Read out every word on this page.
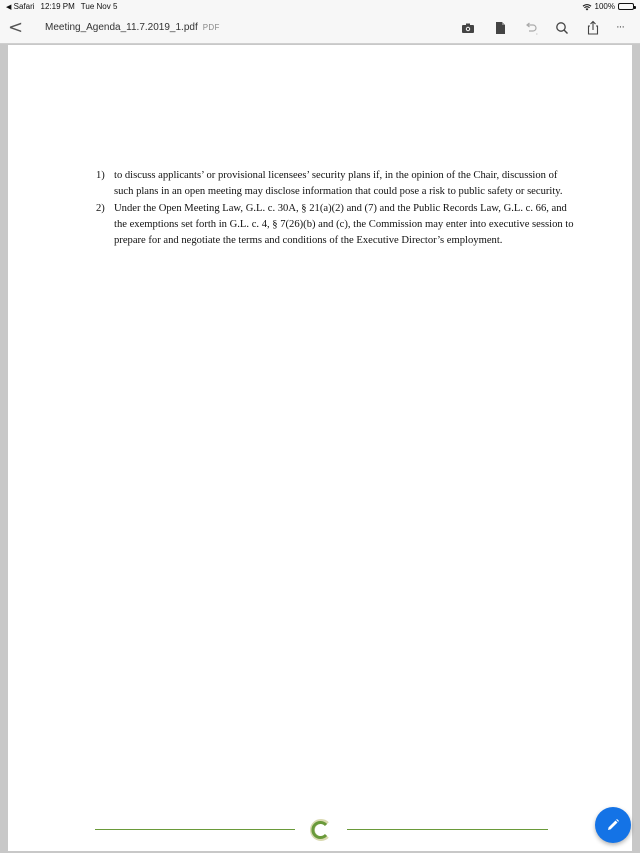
◀ Safari 12:19 PM Tue Nov 5	100%
< Meeting_Agenda_11.7.2019_1.pdf PDF	···
1) to discuss applicants’ or provisional licensees’ security plans if, in the opinion of the Chair, discussion of such plans in an open meeting may disclose information that could pose a risk to public safety or security.
2) Under the Open Meeting Law, G.L. c. 30A, § 21(a)(2) and (7) and the Public Records Law, G.L. c. 66, and the exemptions set forth in G.L. c. 4, § 7(26)(b) and (c), the Commission may enter into executive session to prepare for and negotiate the terms and conditions of the Executive Director’s employment.
